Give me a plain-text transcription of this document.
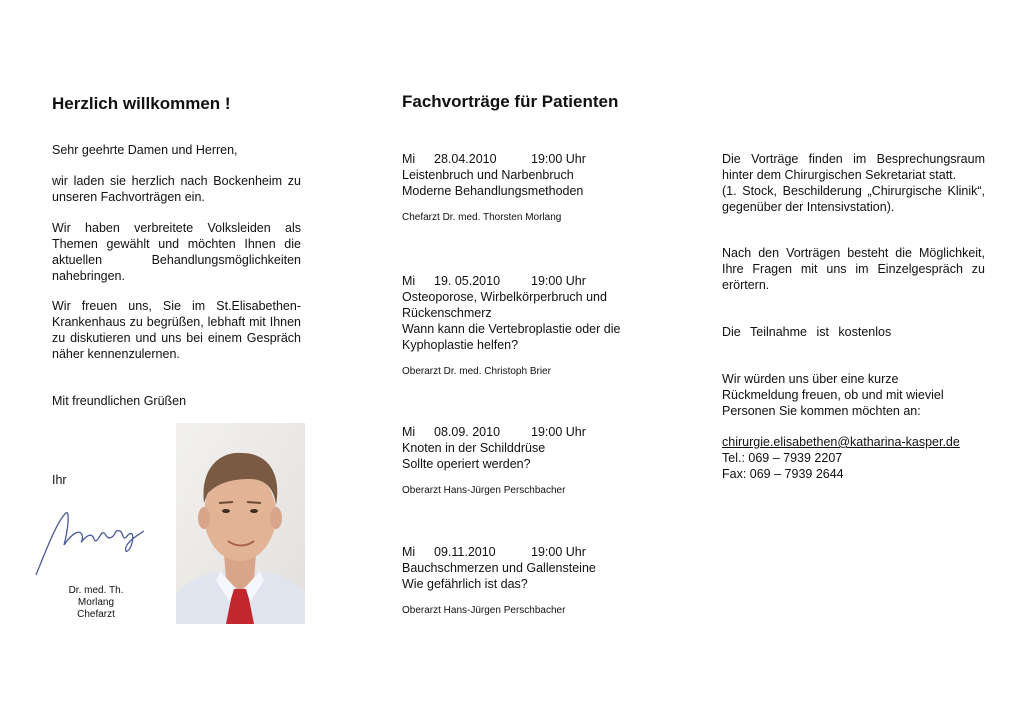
Herzlich willkommen !
Sehr geehrte Damen und Herren,
wir laden sie herzlich nach Bockenheim zu unseren Fachvorträgen ein.
Wir haben verbreitete Volksleiden als Themen gewählt und möchten Ihnen die aktuellen Behandlungsmöglichkeiten nahebringen.
Wir freuen uns, Sie im St.Elisabethen-Krankenhaus zu begrüßen, lebhaft mit Ihnen zu diskutieren und uns bei einem Gespräch näher kennenzulernen.
Mit freundlichen Grüßen
Ihr
Dr. med. Th. Morlang
Chefarzt
Fachvorträge für Patienten
Mi 28.04.2010	19:00 Uhr
Leistenbruch und Narbenbruch
Moderne Behandlungsmethoden
Chefarzt Dr. med. Thorsten Morlang
Mi 19. 05.2010 19:00 Uhr
Osteoporose, Wirbelkörperbruch und Rückenschmerz
Wann kann die Vertebroplastie oder die Kyphoplastie helfen?
Oberarzt Dr. med. Christoph Brier
Mi 08.09. 2010 19:00 Uhr
Knoten in der Schilddrüse
Sollte operiert werden?
Oberarzt Hans-Jürgen Perschbacher
Mi 09.11.2010	19:00 Uhr
Bauchschmerzen und Gallensteine
Wie gefährlich ist das?
Oberarzt Hans-Jürgen Perschbacher
Die Vorträge finden im Besprechungsraum hinter dem Chirurgischen Sekretariat statt.
(1. Stock, Beschilderung „Chirurgische Klinik“, gegenüber der Intensivstation).
Nach den Vorträgen besteht die Möglichkeit, Ihre Fragen mit uns im Einzelgespräch zu erörtern.
Die Teilnahme ist kostenlos
Wir würden uns über eine kurze Rückmeldung freuen, ob und mit wieviel Personen Sie kommen möchten an:
chirurgie.elisabethen@katharina-kasper.de
Tel.: 069 – 7939 2207
Fax: 069 – 7939 2644
